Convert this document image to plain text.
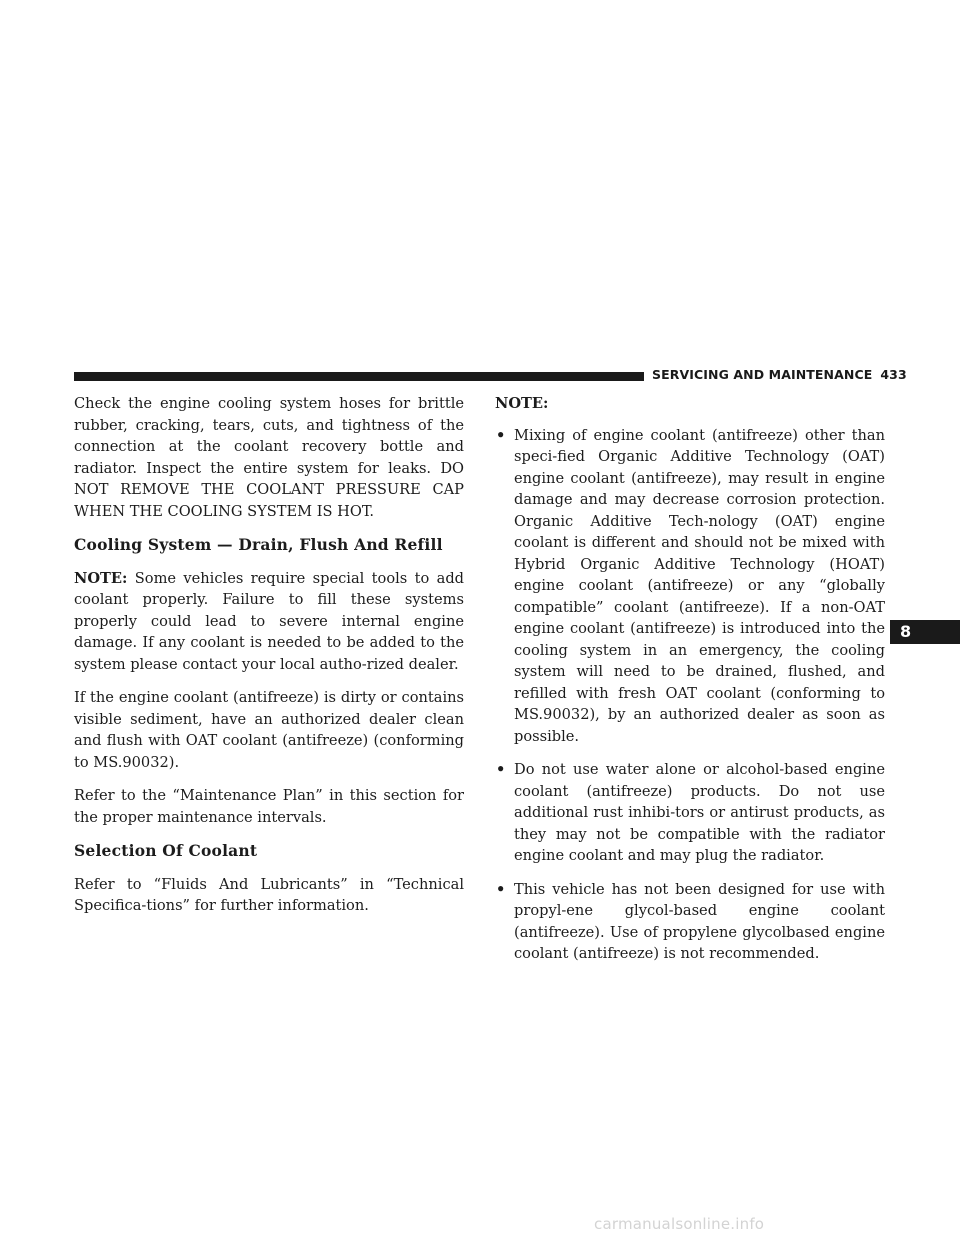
SERVICING AND MAINTENANCE 433

Check the engine cooling system hoses for brittle rubber, cracking, tears, cuts, and tightness of the connection at the coolant recovery bottle and radiator. Inspect the entire system for leaks. DO NOT REMOVE THE COOLANT PRESSURE CAP WHEN THE COOLING SYSTEM IS HOT.

Cooling System — Drain, Flush And Refill

NOTE: Some vehicles require special tools to add coolant properly. Failure to fill these systems properly could lead to severe internal engine damage. If any coolant is needed to be added to the system please contact your local autho-rized dealer.

If the engine coolant (antifreeze) is dirty or contains visible sediment, have an authorized dealer clean and flush with OAT coolant (antifreeze) (conforming to MS.90032).

Refer to the “Maintenance Plan” in this section for the proper maintenance intervals.

Selection Of Coolant

Refer to “Fluids And Lubricants” in “Technical Specifica-tions” for further information.

NOTE:
• Mixing of engine coolant (antifreeze) other than speci-fied Organic Additive Technology (OAT) engine coolant (antifreeze), may result in engine damage and may decrease corrosion protection. Organic Additive Tech-nology (OAT) engine coolant is different and should not be mixed with Hybrid Organic Additive Technology (HOAT) engine coolant (antifreeze) or any “globally compatible” coolant (antifreeze). If a non-OAT engine coolant (antifreeze) is introduced into the cooling system in an emergency, the cooling system will need to be drained, flushed, and refilled with fresh OAT coolant (conforming to MS.90032), by an authorized dealer as soon as possible.
• Do not use water alone or alcohol-based engine coolant (antifreeze) products. Do not use additional rust inhibi-tors or antirust products, as they may not be compatible with the radiator engine coolant and may plug the radiator.
• This vehicle has not been designed for use with propyl-ene glycol-based engine coolant (antifreeze). Use of propylene glycolbased engine coolant (antifreeze) is not recommended.
8
carmanualsonline.info
